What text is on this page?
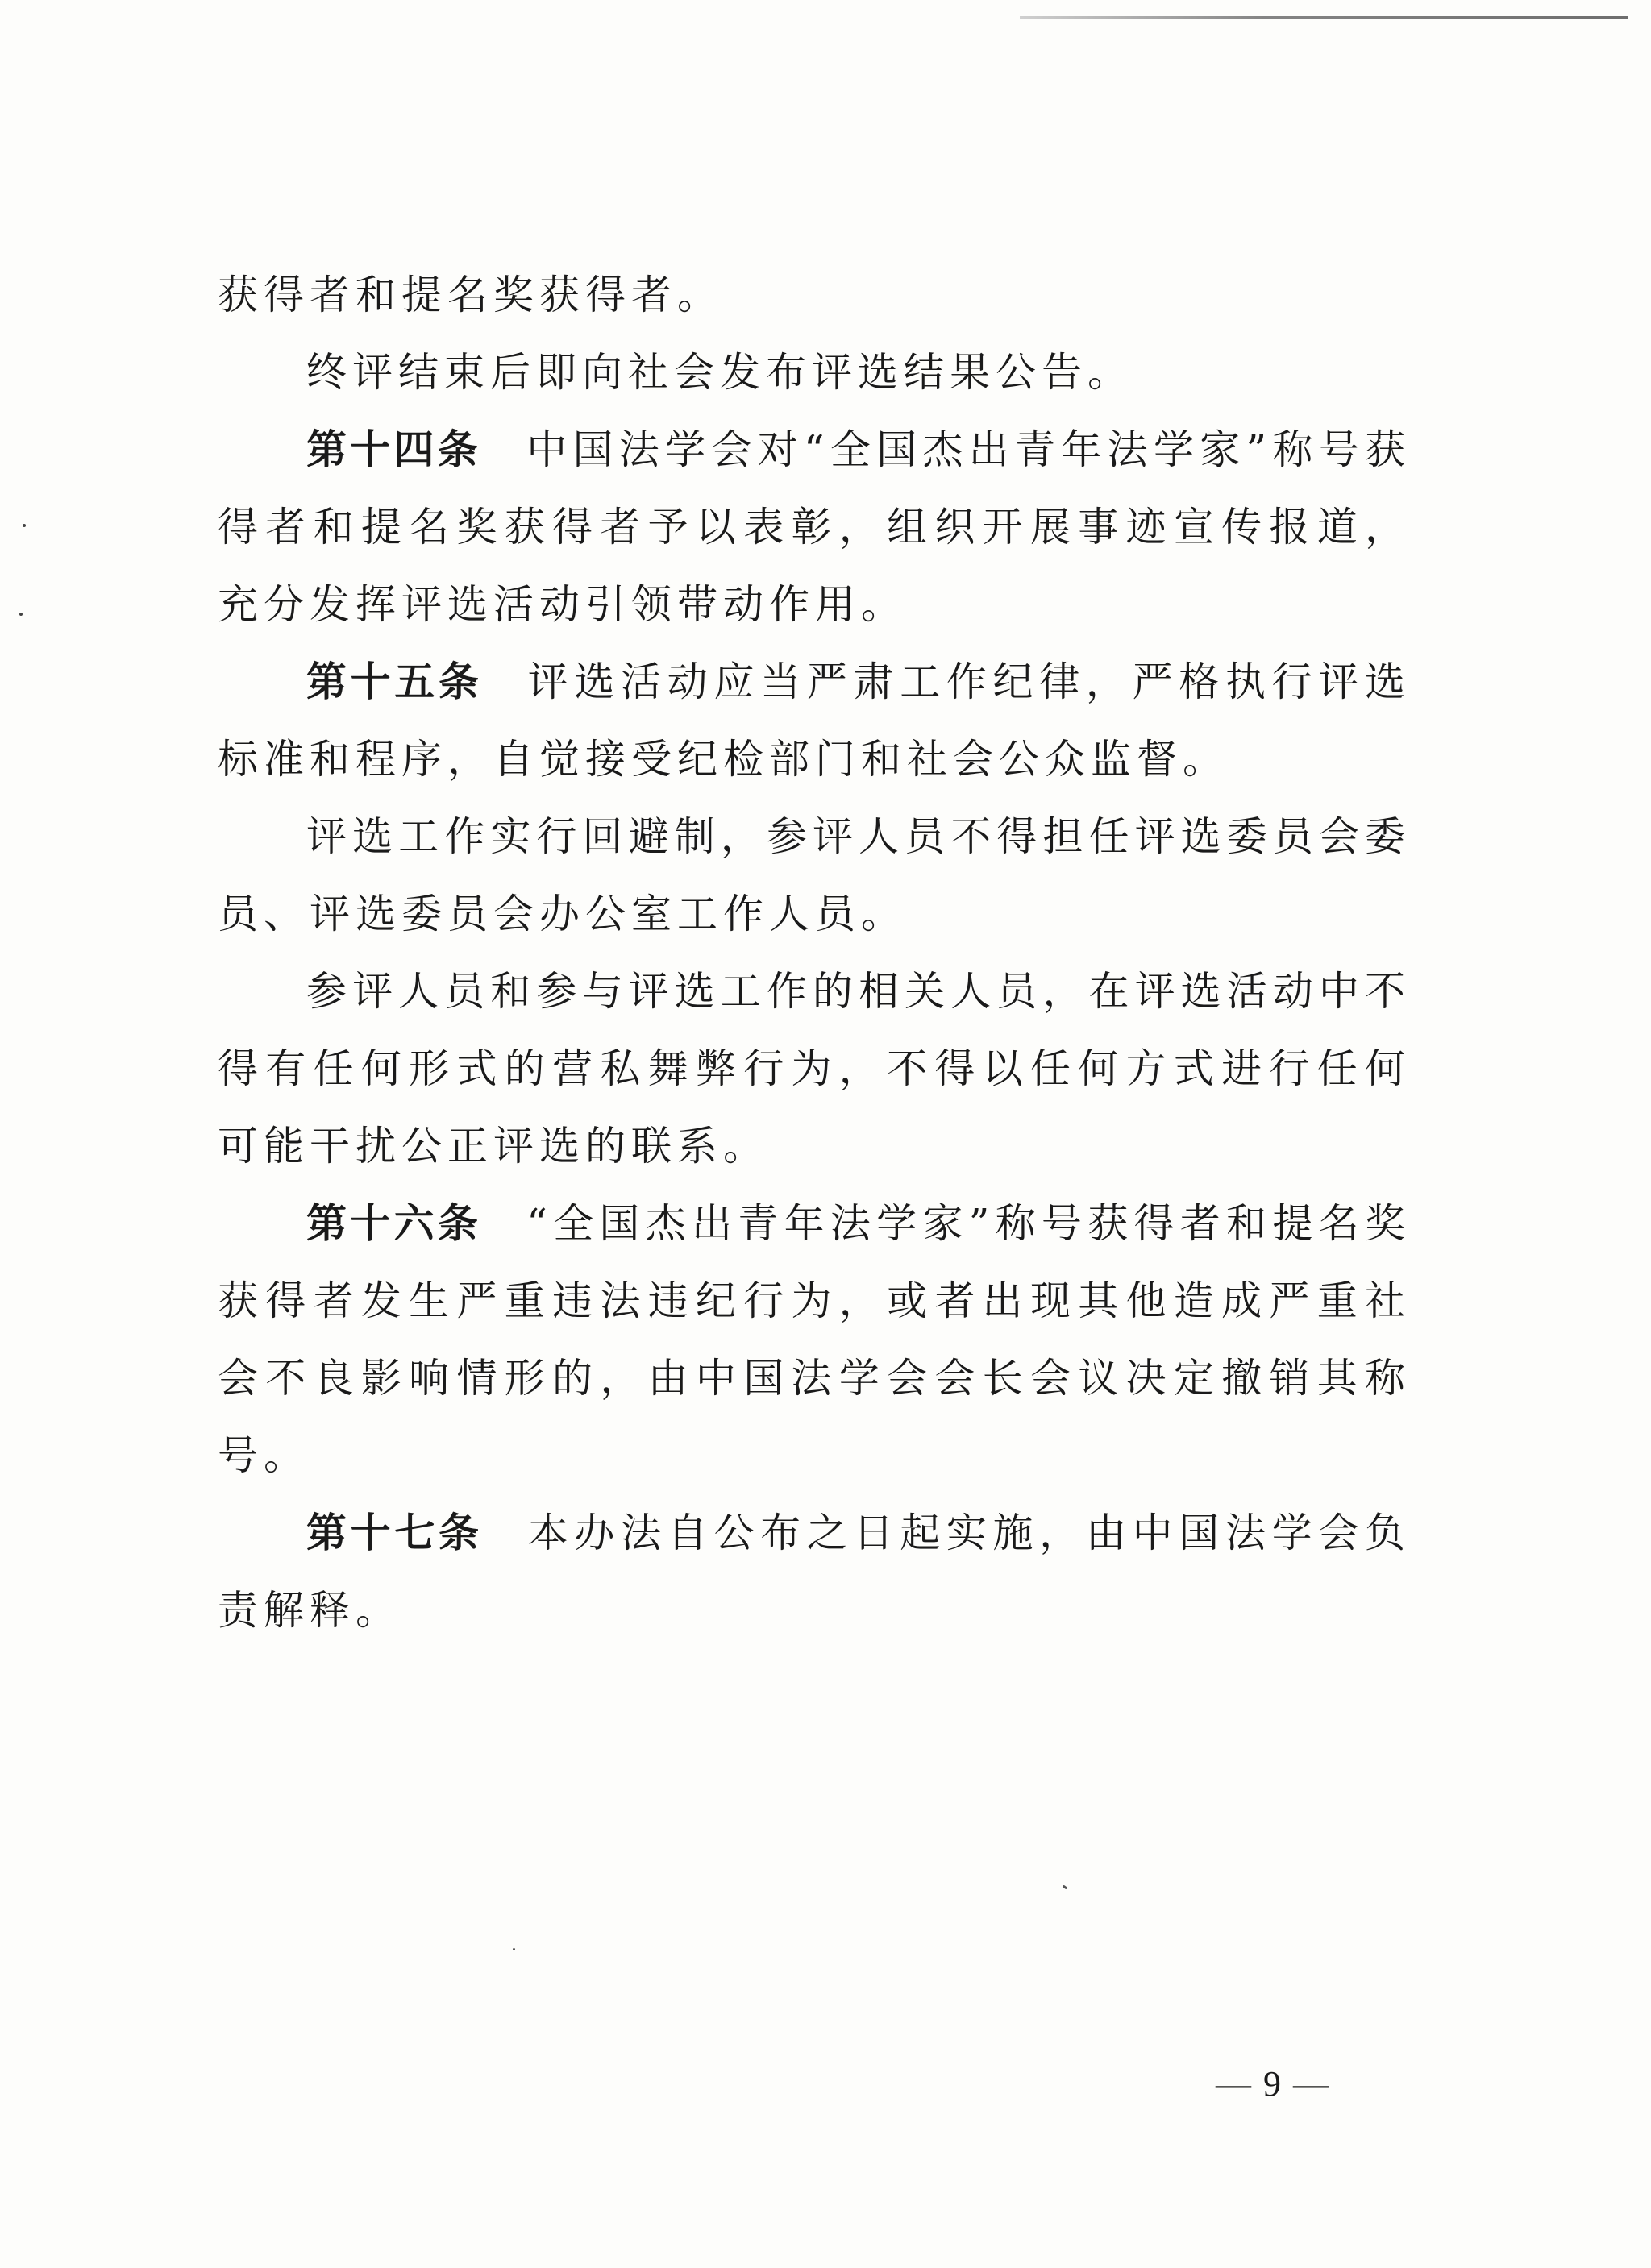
获得者和提名奖获得者。

终评结束后即向社会发布评选结果公告。

第十四条 中国法学会对“全国杰出青年法学家”称号获得者和提名奖获得者予以表彰，组织开展事迹宣传报道，充分发挥评选活动引领带动作用。

第十五条 评选活动应当严肃工作纪律，严格执行评选标准和程序，自觉接受纪检部门和社会公众监督。

评选工作实行回避制，参评人员不得担任评选委员会委员、评选委员会办公室工作人员。

参评人员和参与评选工作的相关人员，在评选活动中不得有任何形式的营私舞弊行为，不得以任何方式进行任何可能干扰公正评选的联系。

第十六条 “全国杰出青年法学家”称号获得者和提名奖获得者发生严重违法违纪行为，或者出现其他造成严重社会不良影响情形的，由中国法学会会长会议决定撤销其称号。

第十七条 本办法自公布之日起实施，由中国法学会负责解释。

— 9 —
